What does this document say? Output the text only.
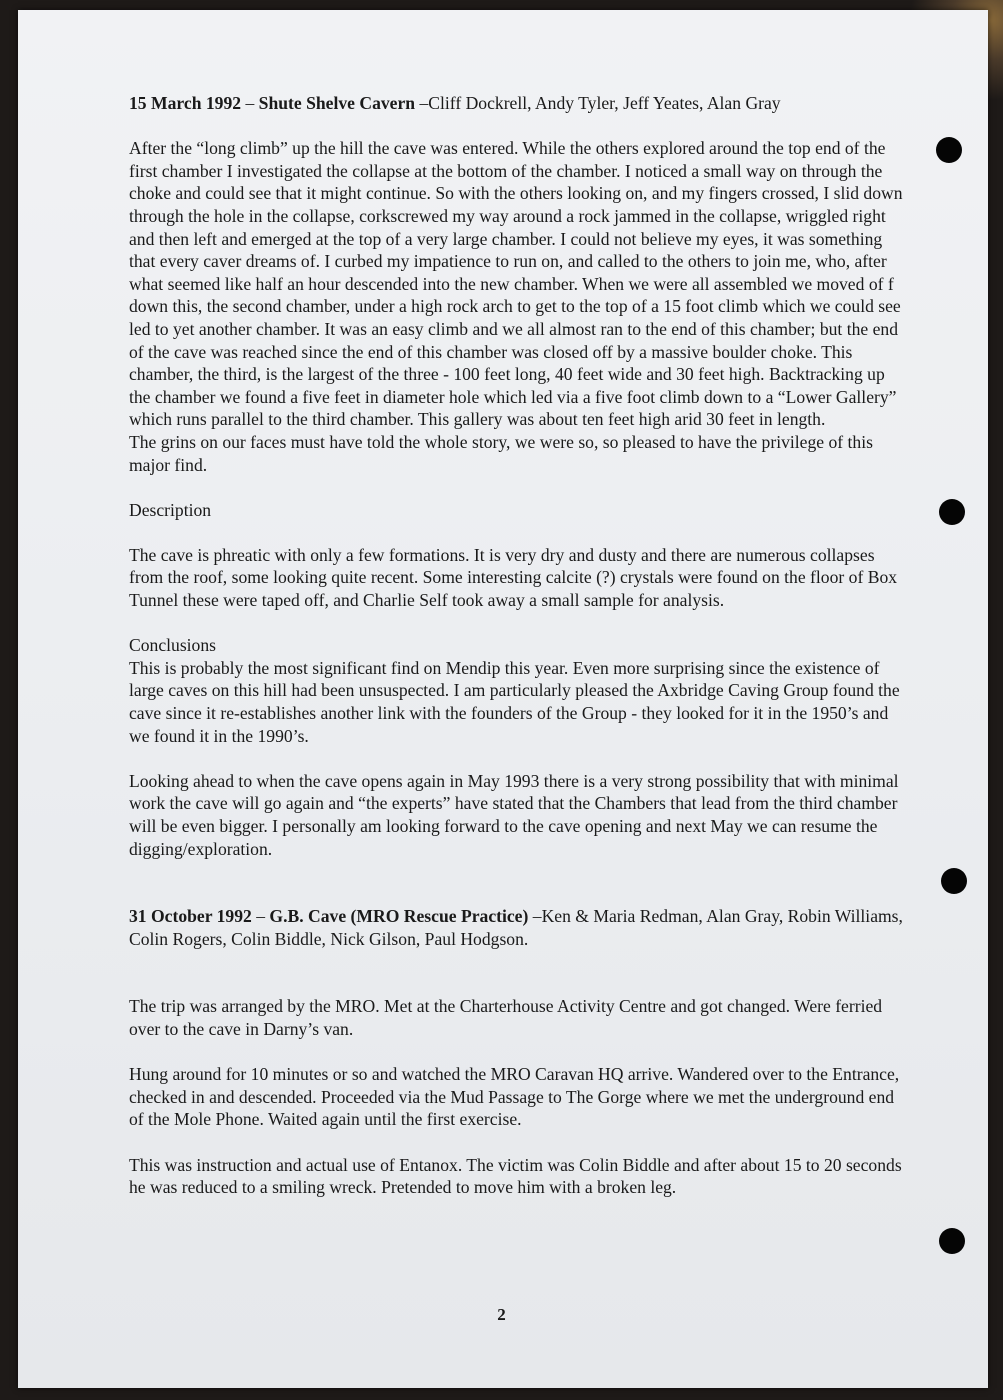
15 March 1992 – Shute Shelve Cavern –Cliff Dockrell, Andy Tyler, Jeff Yeates, Alan Gray

After the “long climb” up the hill the cave was entered. While the others explored around the top end of the first chamber I investigated the collapse at the bottom of the chamber. I noticed a small way on through the choke and could see that it might continue. So with the others looking on, and my fingers crossed, I slid down through the hole in the collapse, corkscrewed my way around a rock jammed in the collapse, wriggled right and then left and emerged at the top of a very large chamber. I could not believe my eyes, it was something that every caver dreams of. I curbed my impatience to run on, and called to the others to join me, who, after what seemed like half an hour descended into the new chamber. When we were all assembled we moved of f down this, the second chamber, under a high rock arch to get to the top of a 15 foot climb which we could see led to yet another chamber. It was an easy climb and we all almost ran to the end of this chamber; but the end of the cave was reached since the end of this chamber was closed off by a massive boulder choke. This chamber, the third, is the largest of the three - 100 feet long, 40 feet wide and 30 feet high. Backtracking up the chamber we found a five feet in diameter hole which led via a five foot climb down to a “Lower Gallery” which runs parallel to the third chamber. This gallery was about ten feet high arid 30 feet in length.

The grins on our faces must have told the whole story, we were so, so pleased to have the privilege of this major find.

Description

The cave is phreatic with only a few formations. It is very dry and dusty and there are numerous collapses from the roof, some looking quite recent. Some interesting calcite (?) crystals were found on the floor of Box Tunnel these were taped off, and Charlie Self took away a small sample for analysis.

Conclusions

This is probably the most significant find on Mendip this year. Even more surprising since the existence of large caves on this hill had been unsuspected. I am particularly pleased the Axbridge Caving Group found the cave since it re-establishes another link with the founders of the Group - they looked for it in the 1950’s and we found it in the 1990’s.

Looking ahead to when the cave opens again in May 1993 there is a very strong possibility that with minimal work the cave will go again and “the experts” have stated that the Chambers that lead from the third chamber will be even bigger. I personally am looking forward to the cave opening and next May we can resume the digging/exploration.

31 October 1992 – G.B. Cave (MRO Rescue Practice) –Ken & Maria Redman, Alan Gray, Robin Williams, Colin Rogers, Colin Biddle, Nick Gilson, Paul Hodgson.

The trip was arranged by the MRO. Met at the Charterhouse Activity Centre and got changed. Were ferried over to the cave in Darny’s van.

Hung around for 10 minutes or so and watched the MRO Caravan HQ arrive. Wandered over to the Entrance, checked in and descended. Proceeded via the Mud Passage to The Gorge where we met the underground end of the Mole Phone. Waited again until the first exercise.

This was instruction and actual use of Entanox. The victim was Colin Biddle and after about 15 to 20 seconds he was reduced to a smiling wreck. Pretended to move him with a broken leg.

2
